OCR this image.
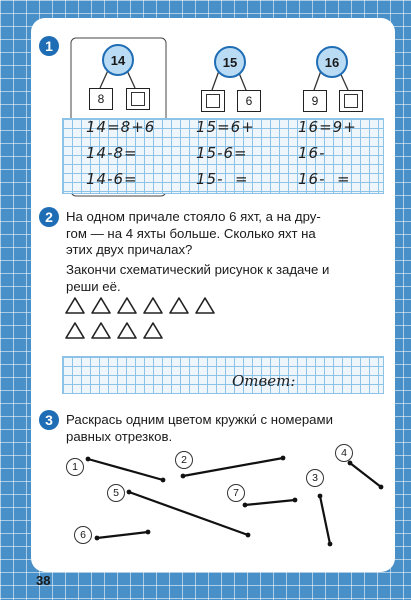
1
14
8
15
6
16
9
14=8+6	15=6+	16=9+
14-8=	15-6=	16-
14-6=	15-  =	16-  =
2 На одном причале стояло 6 яхт, а на дру-
гом — на 4 яхты больше. Сколько яхт на
этих двух причалах?
Закончи схематический рисунок к задаче и
реши её.
Ответ:
3 Раскрась одним цветом кружки́ с номерами
равных отрезков.
1
2
3
4
5
6
7
38
